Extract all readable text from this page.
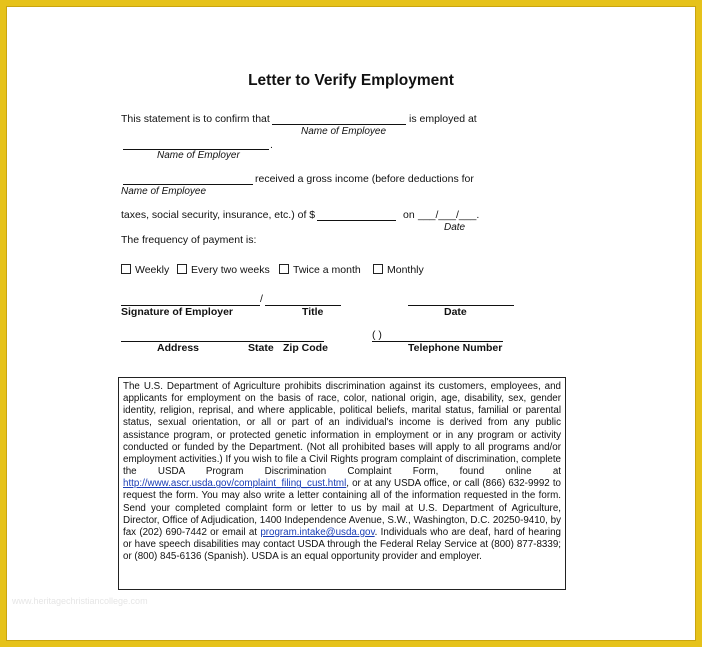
Letter to Verify Employment
This statement is to confirm that	is employed at
Name of Employee
.
Name of Employer
received a gross income (before deductions for
Name of Employee
taxes, social security, insurance, etc.) of $	on ___/___/___.
Date
The frequency of payment is:
Weekly	Every two weeks	Twice a month	Monthly
/
Signature of Employer	Title	Date
( )
Address	State Zip Code	Telephone Number
The U.S. Department of Agriculture prohibits discrimination against its customers, employees, and applicants for employment on the basis of race, color, national origin, age, disability, sex, gender identity, religion, reprisal, and where applicable, political beliefs, marital status, familial or parental status, sexual orientation, or all or part of an individual's income is derived from any public assistance program, or protected genetic information in employment or in any program or activity conducted or funded by the Department. (Not all prohibited bases will apply to all programs and/or employment activities.) If you wish to file a Civil Rights program complaint of discrimination, complete the USDA Program Discrimination Complaint Form, found online at http://www.ascr.usda.gov/complaint_filing_cust.html, or at any USDA office, or call (866) 632-9992 to request the form. You may also write a letter containing all of the information requested in the form. Send your completed complaint form or letter to us by mail at U.S. Department of Agriculture, Director, Office of Adjudication, 1400 Independence Avenue, S.W., Washington, D.C. 20250-9410, by fax (202) 690-7442 or email at program.intake@usda.gov. Individuals who are deaf, hard of hearing or have speech disabilities may contact USDA through the Federal Relay Service at (800) 877-8339; or (800) 845-6136 (Spanish). USDA is an equal opportunity provider and employer.
www.heritagechristiancollege.com
